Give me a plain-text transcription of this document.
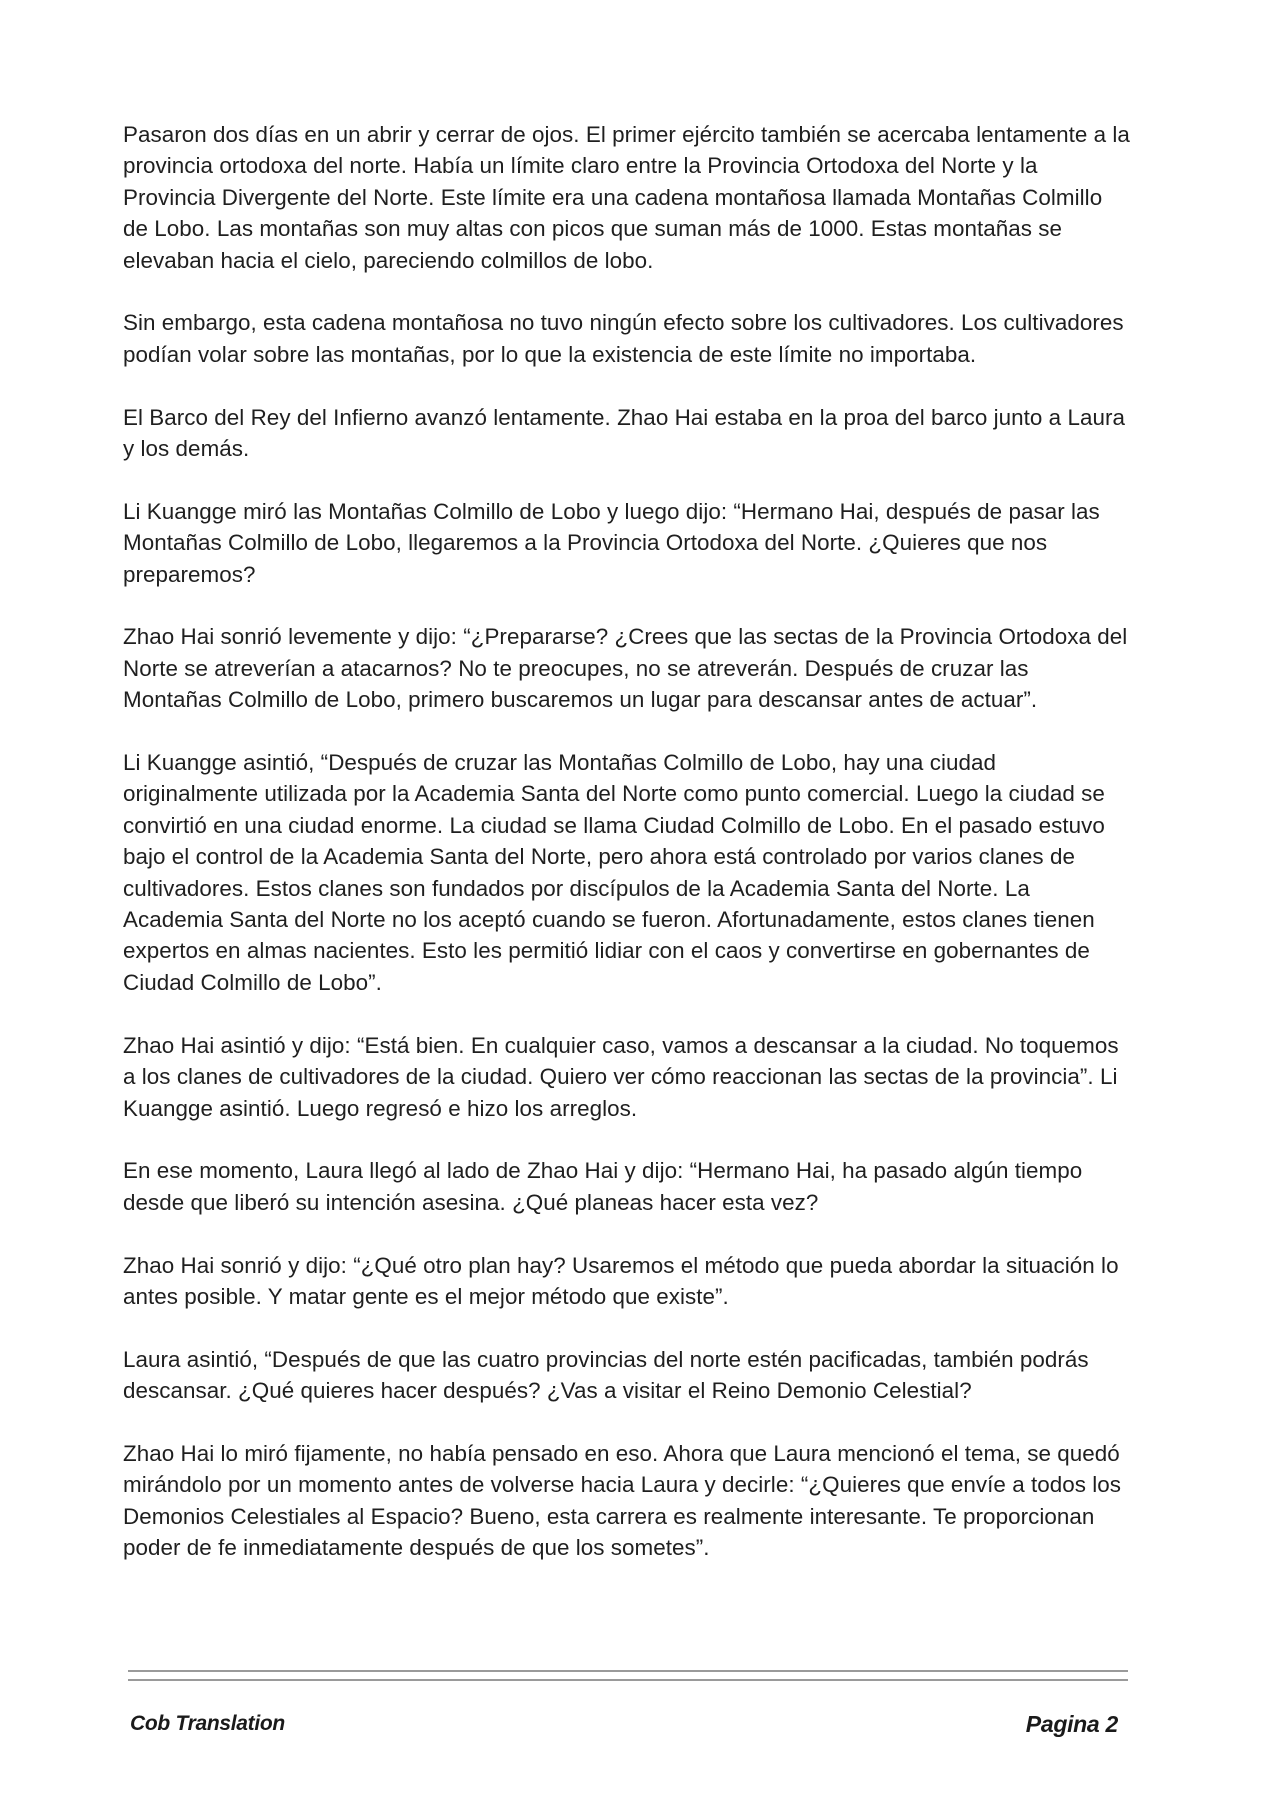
Pasaron dos días en un abrir y cerrar de ojos. El primer ejército también se acercaba lentamente a la provincia ortodoxa del norte. Había un límite claro entre la Provincia Ortodoxa del Norte y la Provincia Divergente del Norte. Este límite era una cadena montañosa llamada Montañas Colmillo de Lobo. Las montañas son muy altas con picos que suman más de 1000. Estas montañas se elevaban hacia el cielo, pareciendo colmillos de lobo.

Sin embargo, esta cadena montañosa no tuvo ningún efecto sobre los cultivadores. Los cultivadores podían volar sobre las montañas, por lo que la existencia de este límite no importaba.

El Barco del Rey del Infierno avanzó lentamente. Zhao Hai estaba en la proa del barco junto a Laura y los demás.

Li Kuangge miró las Montañas Colmillo de Lobo y luego dijo: “Hermano Hai, después de pasar las Montañas Colmillo de Lobo, llegaremos a la Provincia Ortodoxa del Norte. ¿Quieres que nos preparemos?

Zhao Hai sonrió levemente y dijo: “¿Prepararse? ¿Crees que las sectas de la Provincia Ortodoxa del Norte se atreverían a atacarnos? No te preocupes, no se atreverán. Después de cruzar las Montañas Colmillo de Lobo, primero buscaremos un lugar para descansar antes de actuar”.

Li Kuangge asintió, “Después de cruzar las Montañas Colmillo de Lobo, hay una ciudad originalmente utilizada por la Academia Santa del Norte como punto comercial. Luego la ciudad se convirtió en una ciudad enorme. La ciudad se llama Ciudad Colmillo de Lobo. En el pasado estuvo bajo el control de la Academia Santa del Norte, pero ahora está controlado por varios clanes de cultivadores. Estos clanes son fundados por discípulos de la Academia Santa del Norte. La Academia Santa del Norte no los aceptó cuando se fueron. Afortunadamente, estos clanes tienen expertos en almas nacientes. Esto les permitió lidiar con el caos y convertirse en gobernantes de Ciudad Colmillo de Lobo”.

Zhao Hai asintió y dijo: “Está bien. En cualquier caso, vamos a descansar a la ciudad. No toquemos a los clanes de cultivadores de la ciudad. Quiero ver cómo reaccionan las sectas de la provincia”. Li Kuangge asintió. Luego regresó e hizo los arreglos.

En ese momento, Laura llegó al lado de Zhao Hai y dijo: “Hermano Hai, ha pasado algún tiempo desde que liberó su intención asesina. ¿Qué planeas hacer esta vez?

Zhao Hai sonrió y dijo: “¿Qué otro plan hay? Usaremos el método que pueda abordar la situación lo antes posible. Y matar gente es el mejor método que existe”.

Laura asintió, “Después de que las cuatro provincias del norte estén pacificadas, también podrás descansar. ¿Qué quieres hacer después? ¿Vas a visitar el Reino Demonio Celestial?

Zhao Hai lo miró fijamente, no había pensado en eso. Ahora que Laura mencionó el tema, se quedó mirándolo por un momento antes de volverse hacia Laura y decirle: “¿Quieres que envíe a todos los Demonios Celestiales al Espacio? Bueno, esta carrera es realmente interesante. Te proporcionan poder de fe inmediatamente después de que los sometes”.

Cob Translation	Pagina 2
